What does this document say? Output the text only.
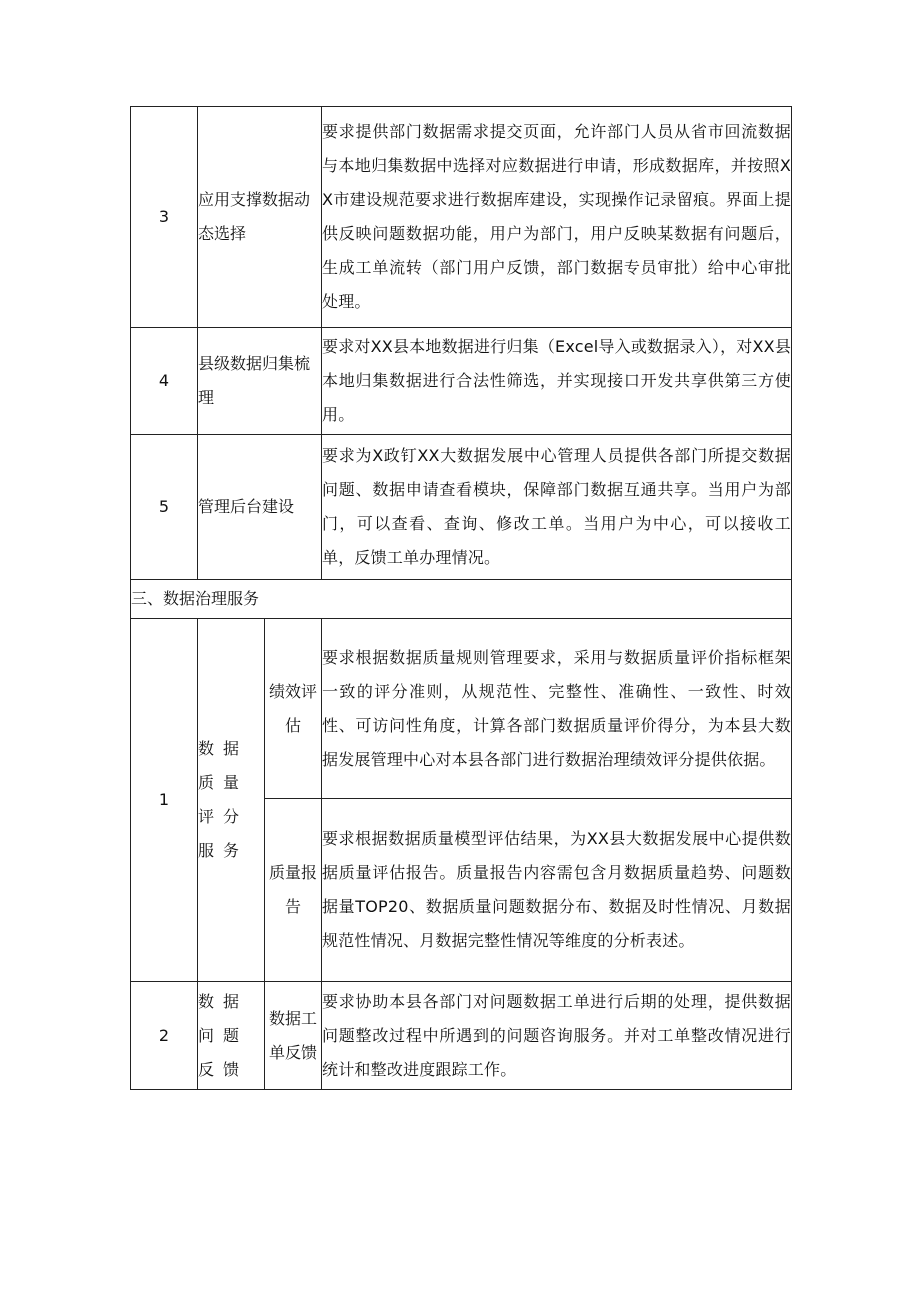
3	应用支撑数据动态选择		要求提供部门数据需求提交页面，允许部门人员从省市回流数据与本地归集数据中选择对应数据进行申请，形成数据库，并按照XX市建设规范要求进行数据库建设，实现操作记录留痕。界面上提供反映问题数据功能，用户为部门，用户反映某数据有问题后，生成工单流转（部门用户反馈，部门数据专员审批）给中心审批处理。
4	县级数据归集梳理		要求对XX县本地数据进行归集（Excel导入或数据录入），对XX县本地归集数据进行合法性筛选，并实现接口开发共享供第三方使用。
5	管理后台建设		要求为X政钉XX大数据发展中心管理人员提供各部门所提交数据问题、数据申请查看模块，保障部门数据互通共享。当用户为部门，可以查看、查询、修改工单。当用户为中心，可以接收工单，反馈工单办理情况。
三、数据治理服务			
1	数据质量评分服务	绩效评估	要求根据数据质量规则管理要求，采用与数据质量评价指标框架一致的评分准则，从规范性、完整性、准确性、一致性、时效性、可访问性角度，计算各部门数据质量评价得分，为本县大数据发展管理中心对本县各部门进行数据治理绩效评分提供依据。
		质量报告	要求根据数据质量模型评估结果，为XX县大数据发展中心提供数据质量评估报告。质量报告内容需包含月数据质量趋势、问题数据量TOP20、数据质量问题数据分布、数据及时性情况、月数据规范性情况、月数据完整性情况等维度的分析表述。
2	数据问题反馈	数据工单反馈	要求协助本县各部门对问题数据工单进行后期的处理，提供数据问题整改过程中所遇到的问题咨询服务。并对工单整改情况进行统计和整改进度跟踪工作。
